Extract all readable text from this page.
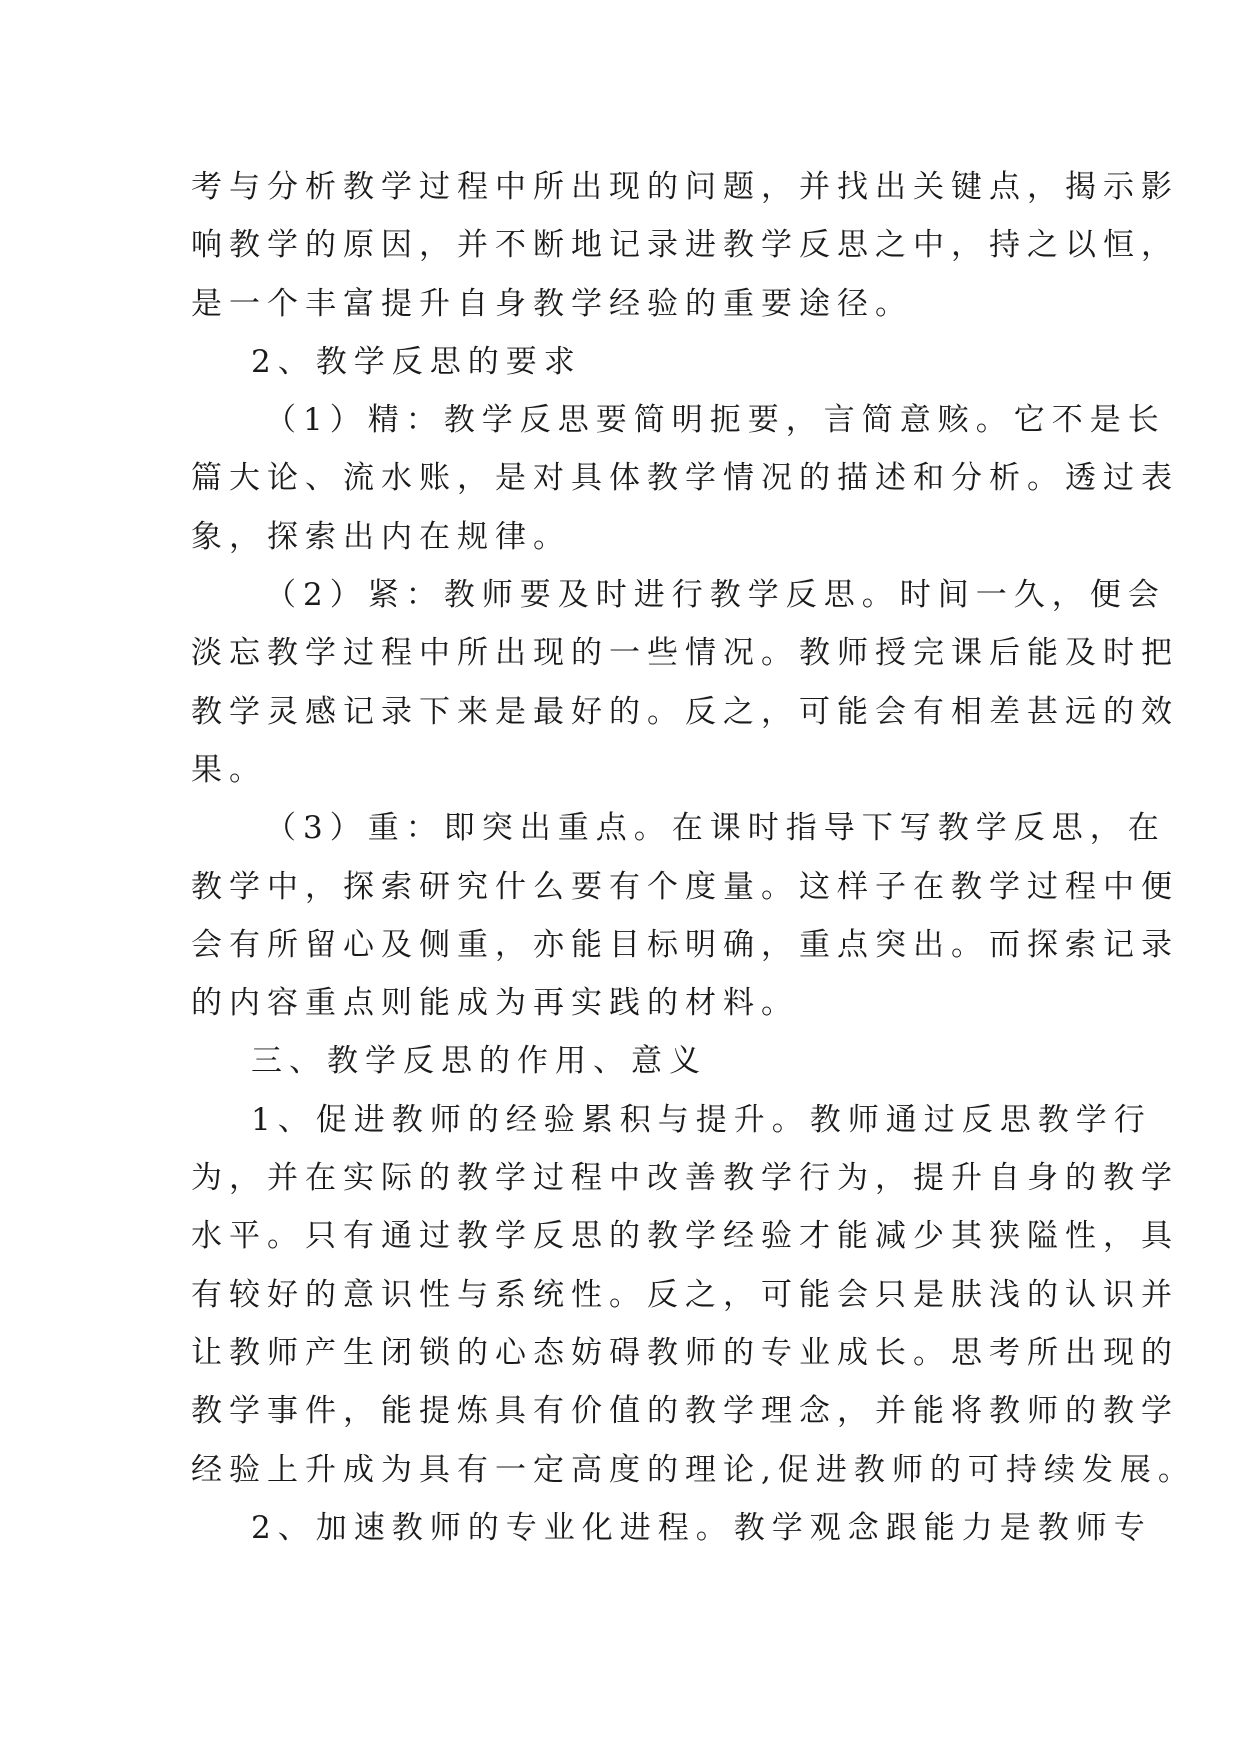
考与分析教学过程中所出现的问题，并找出关键点，揭示影
响教学的原因，并不断地记录进教学反思之中，持之以恒，
是一个丰富提升自身教学经验的重要途径。
2、教学反思的要求
（1）精：教学反思要简明扼要，言简意赅。它不是长
篇大论、流水账，是对具体教学情况的描述和分析。透过表
象，探索出内在规律。
（2）紧：教师要及时进行教学反思。时间一久，便会
淡忘教学过程中所出现的一些情况。教师授完课后能及时把
教学灵感记录下来是最好的。反之，可能会有相差甚远的效
果。
（3）重：即突出重点。在课时指导下写教学反思，在
教学中，探索研究什么要有个度量。这样子在教学过程中便
会有所留心及侧重，亦能目标明确，重点突出。而探索记录
的内容重点则能成为再实践的材料。
三、教学反思的作用、意义
1、促进教师的经验累积与提升。教师通过反思教学行
为，并在实际的教学过程中改善教学行为，提升自身的教学
水平。只有通过教学反思的教学经验才能减少其狭隘性，具
有较好的意识性与系统性。反之，可能会只是肤浅的认识并
让教师产生闭锁的心态妨碍教师的专业成长。思考所出现的
教学事件，能提炼具有价值的教学理念，并能将教师的教学
经验上升成为具有一定高度的理论,促进教师的可持续发展。
2、加速教师的专业化进程。教学观念跟能力是教师专
